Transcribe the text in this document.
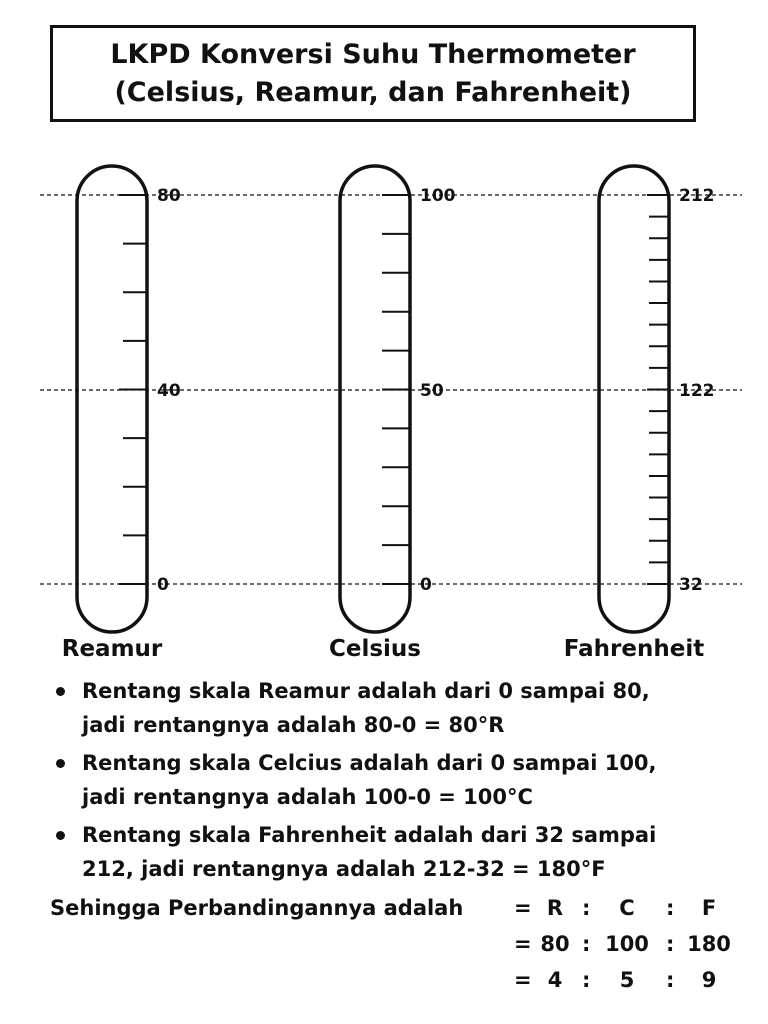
LKPD Konversi Suhu Thermometer
(Celsius, Reamur, dan Fahrenheit)
80
40
0
100
50
0
212
122
32
Reamur	Celsius	Fahrenheit
Rentang skala Reamur adalah dari 0 sampai 80,
jadi rentangnya adalah 80-0 = 80°R
Rentang skala Celcius adalah dari 0 sampai 100,
jadi rentangnya adalah 100-0 = 100°C
Rentang skala Fahrenheit adalah dari 32 sampai
212, jadi rentangnya adalah 212-32 = 180°F
Sehingga Perbandingannya adalah =
=
=
R :	C	:	F
80 : 100 : 180
4 :	5	:	9
